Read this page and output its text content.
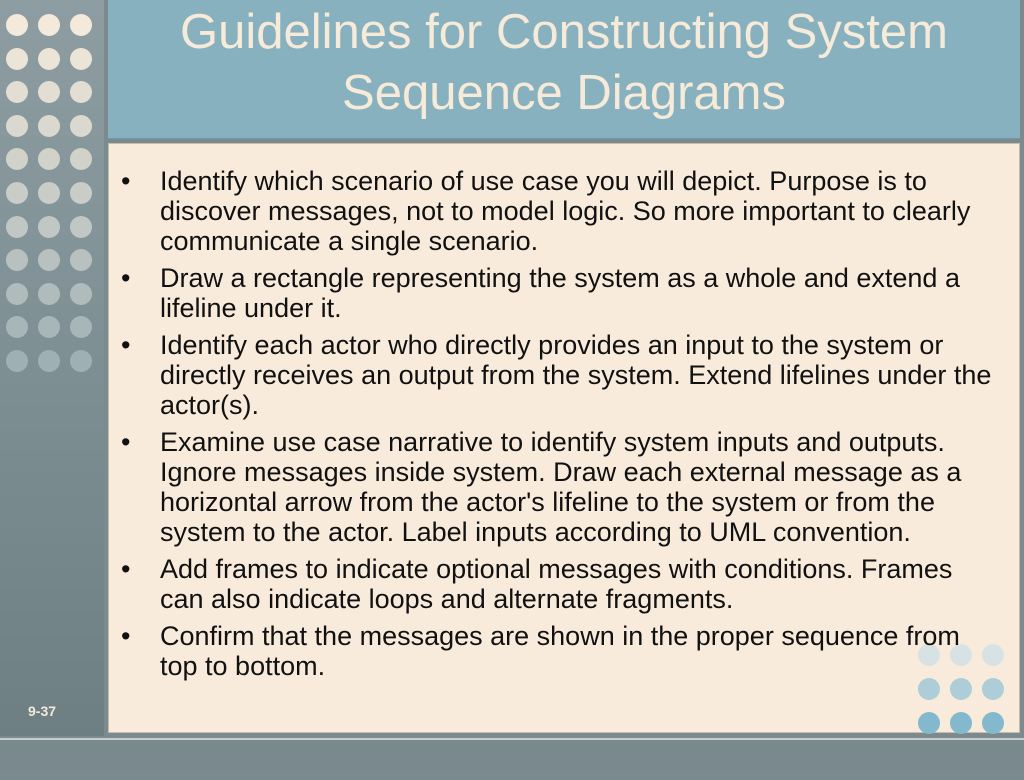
Guidelines for Constructing System Sequence Diagrams
• Identify which scenario of use case you will depict. Purpose is to discover messages, not to model logic. So more important to clearly communicate a single scenario.
• Draw a rectangle representing the system as a whole and extend a lifeline under it.
• Identify each actor who directly provides an input to the system or directly receives an output from the system. Extend lifelines under the actor(s).
• Examine use case narrative to identify system inputs and outputs. Ignore messages inside system. Draw each external message as a horizontal arrow from the actor's lifeline to the system or from the system to the actor. Label inputs according to UML convention.
• Add frames to indicate optional messages with conditions. Frames can also indicate loops and alternate fragments.
• Confirm that the messages are shown in the proper sequence from top to bottom.
9-37
